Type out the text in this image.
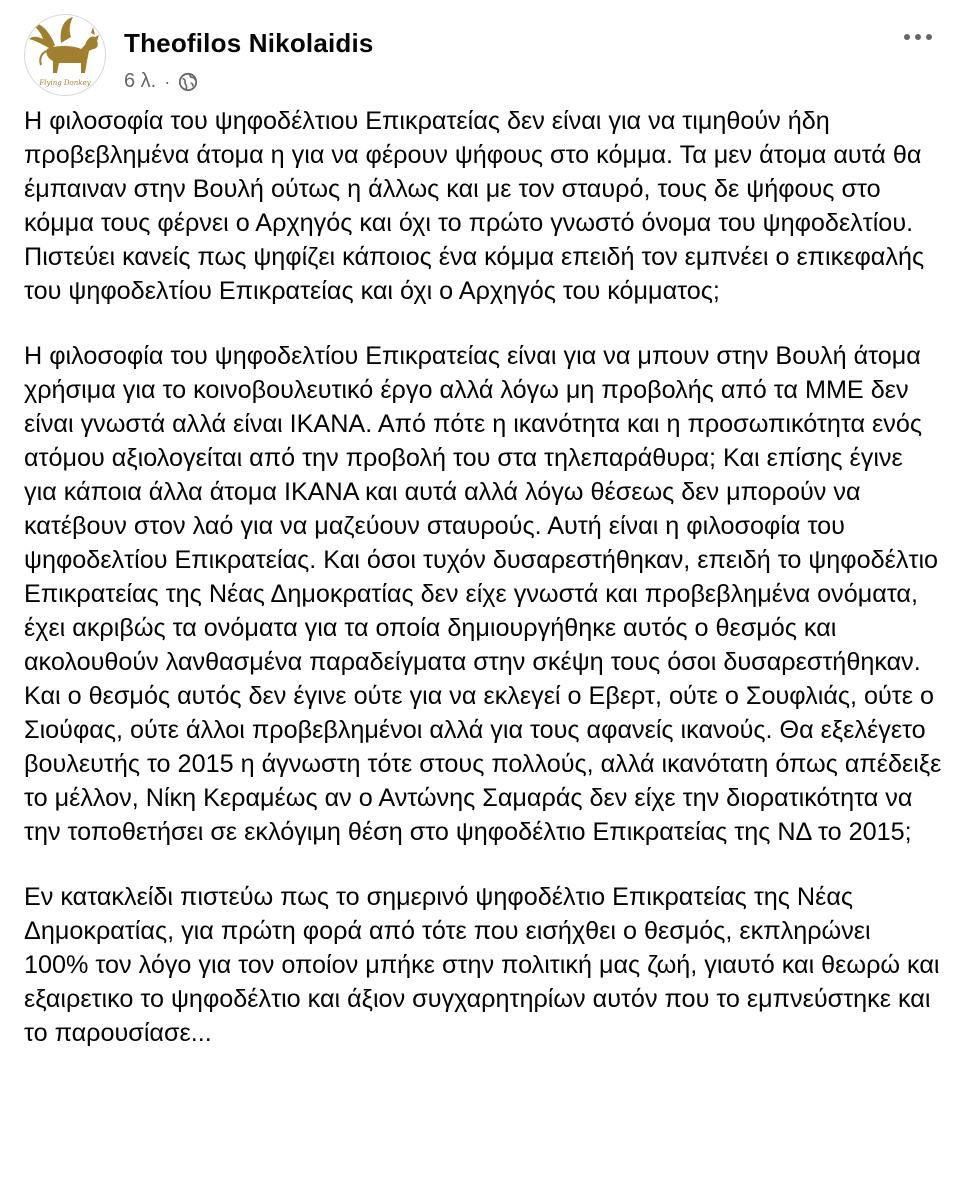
Flying Donkey
Theofilos Nikolaidis
6 λ. ·

Η φιλοσοφία του ψηφοδέλτιου Επικρατείας δεν είναι για να τιμηθούν ήδη προβεβλημένα άτομα η για να φέρουν ψήφους στο κόμμα. Τα μεν άτομα αυτά θα έμπαιναν στην Βουλή ούτως η άλλως και με τον σταυρό, τους δε ψήφους στο κόμμα τους φέρνει ο Αρχηγός και όχι το πρώτο γνωστό όνομα του ψηφοδελτίου. Πιστεύει κανείς πως ψηφίζει κάποιος ένα κόμμα επειδή τον εμπνέει ο επικεφαλής του ψηφοδελτίου Επικρατείας και όχι ο Αρχηγός του κόμματος;

Η φιλοσοφία του ψηφοδελτίου Επικρατείας είναι για να μπουν στην Βουλή άτομα χρήσιμα για το κοινοβουλευτικό έργο αλλά λόγω μη προβολής από τα ΜΜΕ δεν είναι γνωστά αλλά είναι ΙΚΑΝΑ. Από πότε η ικανότητα και η προσωπικότητα ενός ατόμου αξιολογείται από την προβολή του στα τηλεπαράθυρα; Και επίσης έγινε για κάποια άλλα άτομα ΙΚΑΝΑ και αυτά αλλά λόγω θέσεως δεν μπορούν να κατέβουν στον λαό για να μαζεύουν σταυρούς. Αυτή είναι η φιλοσοφία του ψηφοδελτίου Επικρατείας. Και όσοι τυχόν δυσαρεστήθηκαν, επειδή το ψηφοδέλτιο Επικρατείας της Νέας Δημοκρατίας δεν είχε γνωστά και προβεβλημένα ονόματα, έχει ακριβώς τα ονόματα για τα οποία δημιουργήθηκε αυτός ο θεσμός και ακολουθούν λανθασμένα παραδείγματα στην σκέψη τους όσοι δυσαρεστήθηκαν. Και ο θεσμός αυτός δεν έγινε ούτε για να εκλεγεί ο Εβερτ, ούτε ο Σουφλιάς, ούτε ο Σιούφας, ούτε άλλοι προβεβλημένοι αλλά για τους αφανείς ικανούς. Θα εξελέγετο βουλευτής το 2015 η άγνωστη τότε στους πολλούς, αλλά ικανότατη όπως απέδειξε το μέλλον, Νίκη Κεραμέως αν ο Αντώνης Σαμαράς δεν είχε την διορατικότητα να την τοποθετήσει σε εκλόγιμη θέση στο ψηφοδέλτιο Επικρατείας της ΝΔ το 2015;

Εν κατακλείδι πιστεύω πως το σημερινό ψηφοδέλτιο Επικρατείας της Νέας Δημοκρατίας, για πρώτη φορά από τότε που εισήχθει ο θεσμός, εκπληρώνει 100% τον λόγο για τον οποίον μπήκε στην πολιτική μας ζωή, γιαυτό και θεωρώ και εξαιρετικο το ψηφοδέλτιο και άξιον συγχαρητηρίων αυτόν που το εμπνεύστηκε και το παρουσίασε...
